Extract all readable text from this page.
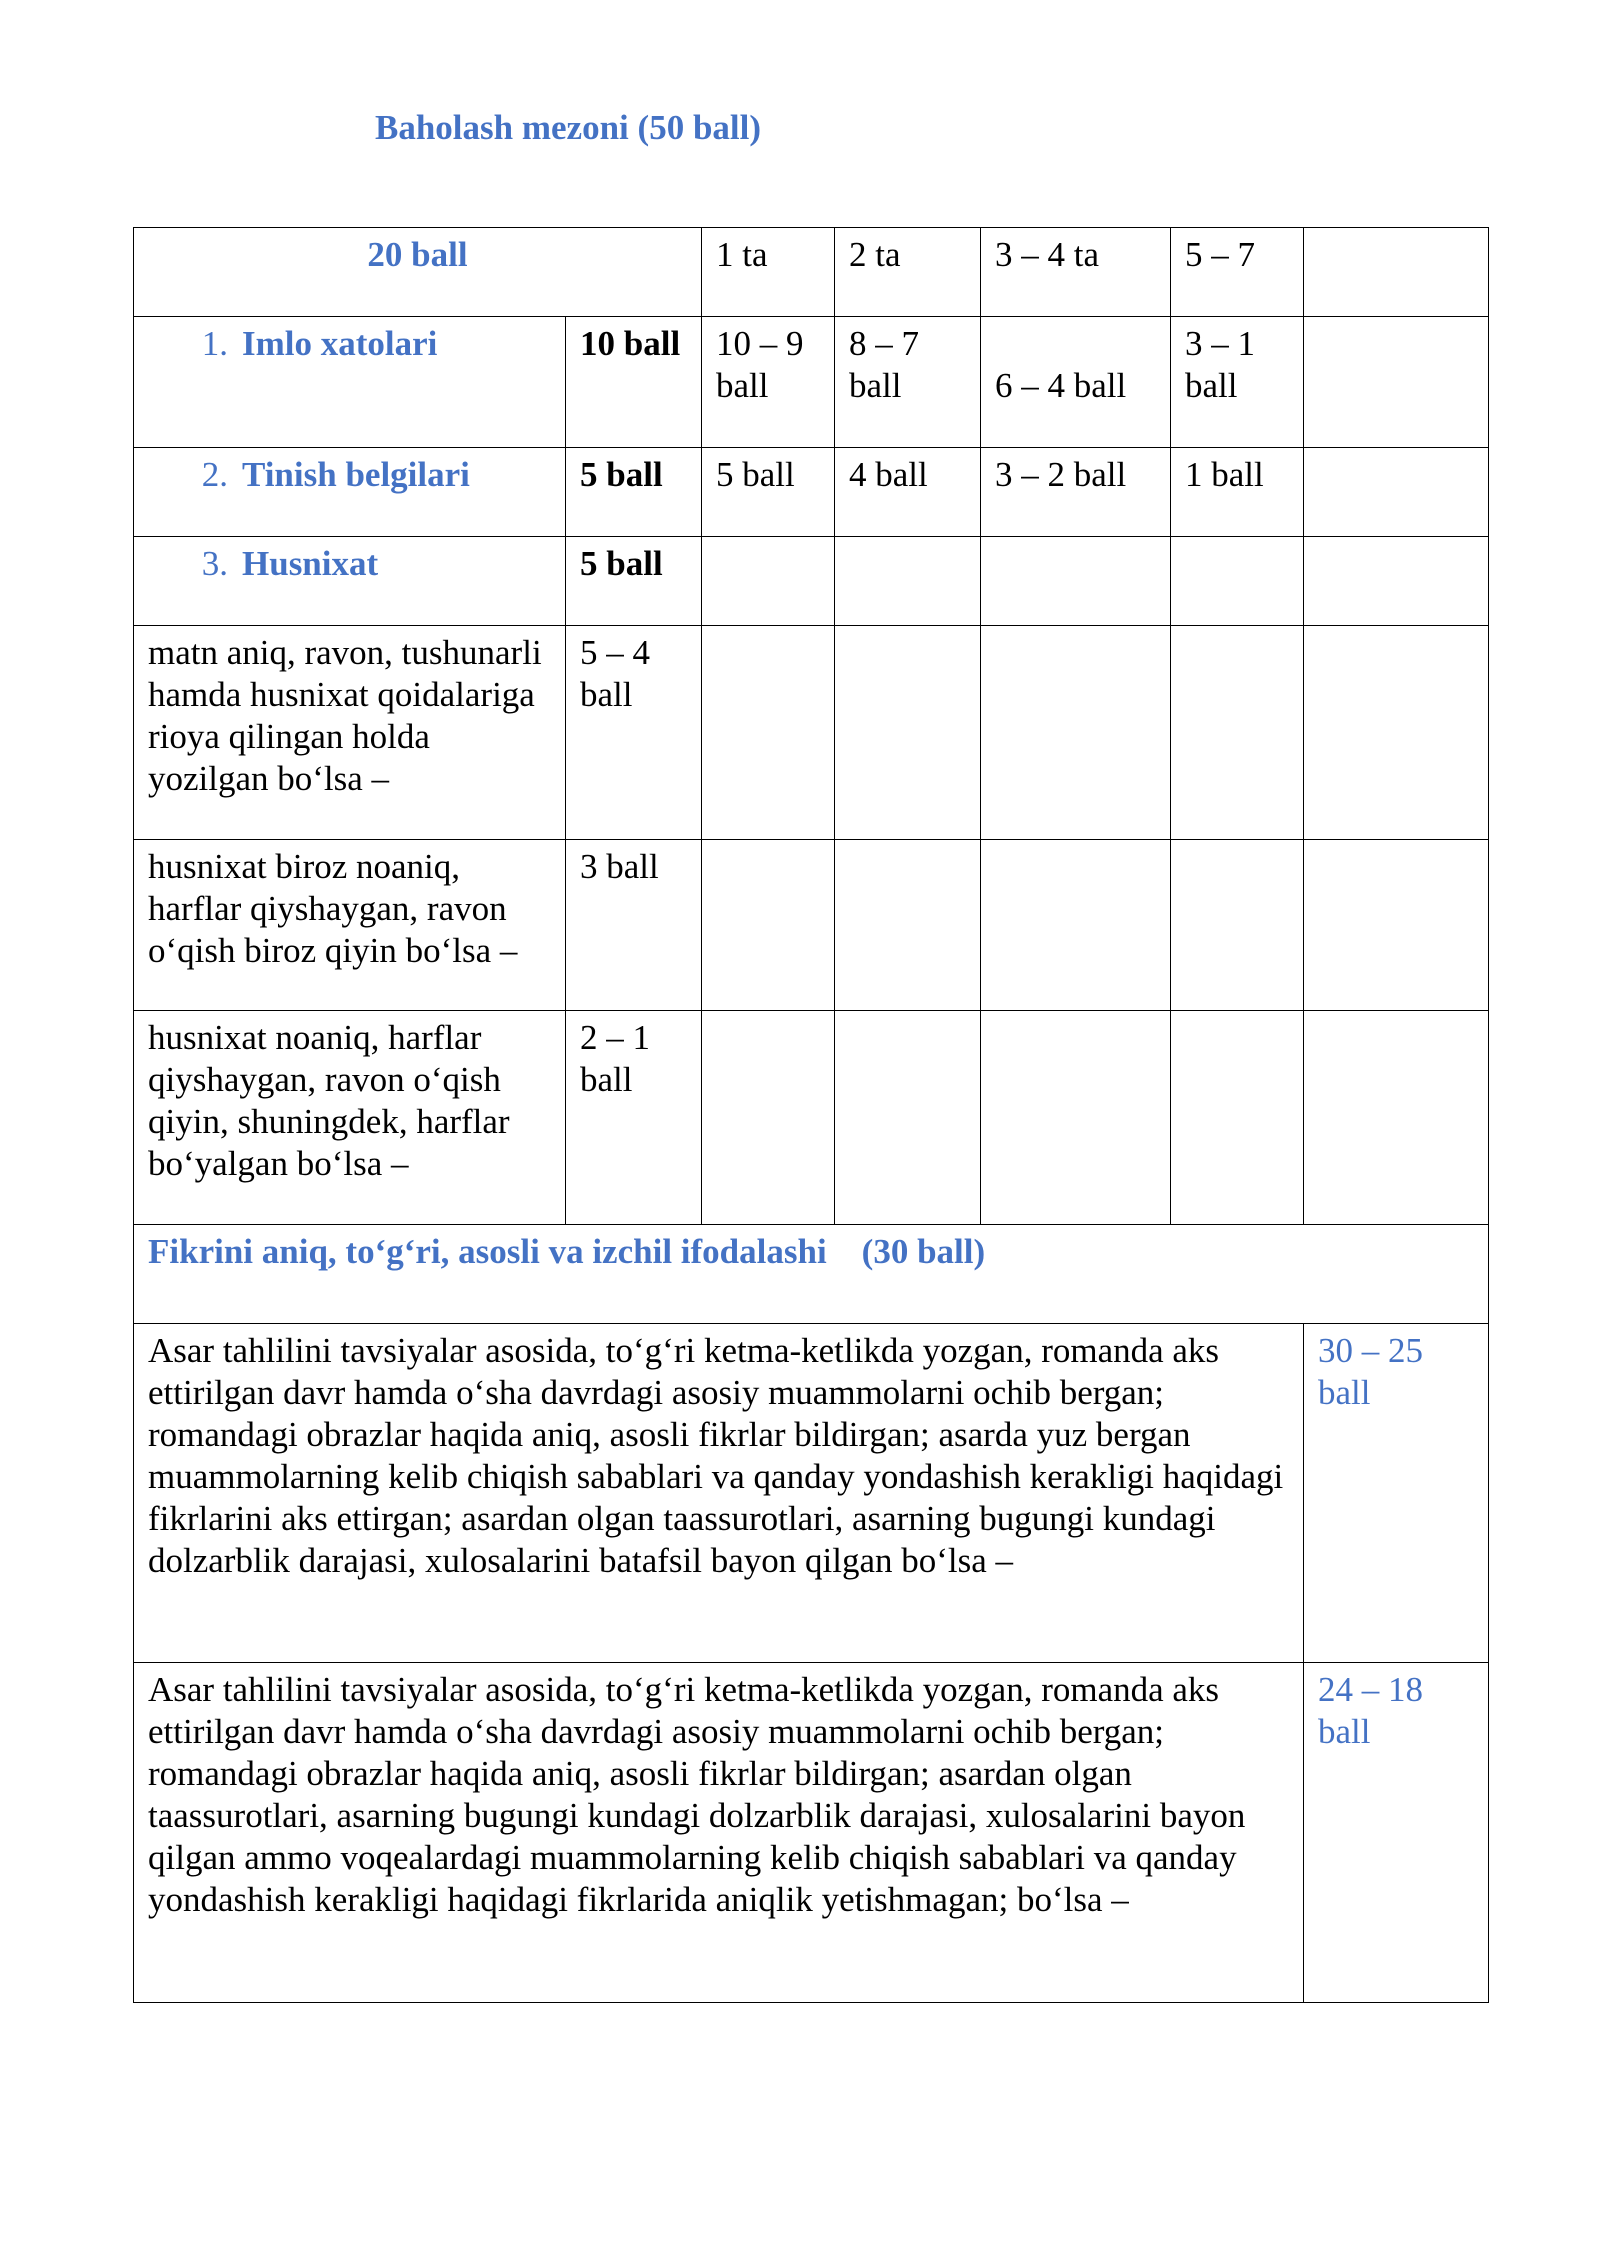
Baholash mezoni (50 ball)
20 ball		1 ta	2 ta	3 – 4 ta	5 – 7	
1. Imlo xatolari	10 ball	10 – 9 ball	8 – 7 ball	6 – 4 ball	3 – 1 ball	
2. Tinish belgilari	5 ball	5 ball	4 ball	3 – 2 ball	1 ball	
3. Husnixat	5 ball					
matn aniq, ravon, tushunarli hamda husnixat qoidalariga rioya qilingan holda yozilgan bo‘lsa –	5 – 4 ball					
husnixat biroz noaniq, harflar qiyshaygan, ravon o‘qish biroz qiyin bo‘lsa –	3 ball					
husnixat noaniq, harflar qiyshaygan, ravon o‘qish qiyin, shuningdek, harflar bo‘yalgan bo‘lsa –	2 – 1 ball					
Fikrini aniq, to‘g‘ri, asosli va izchil ifodalashi (30 ball)						
Asar tahlilini tavsiyalar asosida, to‘g‘ri ketma-ketlikda yozgan, romanda aks ettirilgan davr hamda o‘sha davrdagi asosiy muammolarni ochib bergan; romandagi obrazlar haqida aniq, asosli fikrlar bildirgan; asarda yuz bergan muammolarning kelib chiqish sabablari va qanday yondashish kerakligi haqidagi fikrlarini aks ettirgan; asardan olgan taassurotlari, asarning bugungi kundagi dolzarblik darajasi, xulosalarini batafsil bayon qilgan bo‘lsa –						30 – 25 ball
Asar tahlilini tavsiyalar asosida, to‘g‘ri ketma-ketlikda yozgan, romanda aks ettirilgan davr hamda o‘sha davrdagi asosiy muammolarni ochib bergan; romandagi obrazlar haqida aniq, asosli fikrlar bildirgan; asardan olgan taassurotlari, asarning bugungi kundagi dolzarblik darajasi, xulosalarini bayon qilgan ammo voqealardagi muammolarning kelib chiqish sabablari va qanday yondashish kerakligi haqidagi fikrlarida aniqlik yetishmagan; bo‘lsa –						24 – 18 ball
